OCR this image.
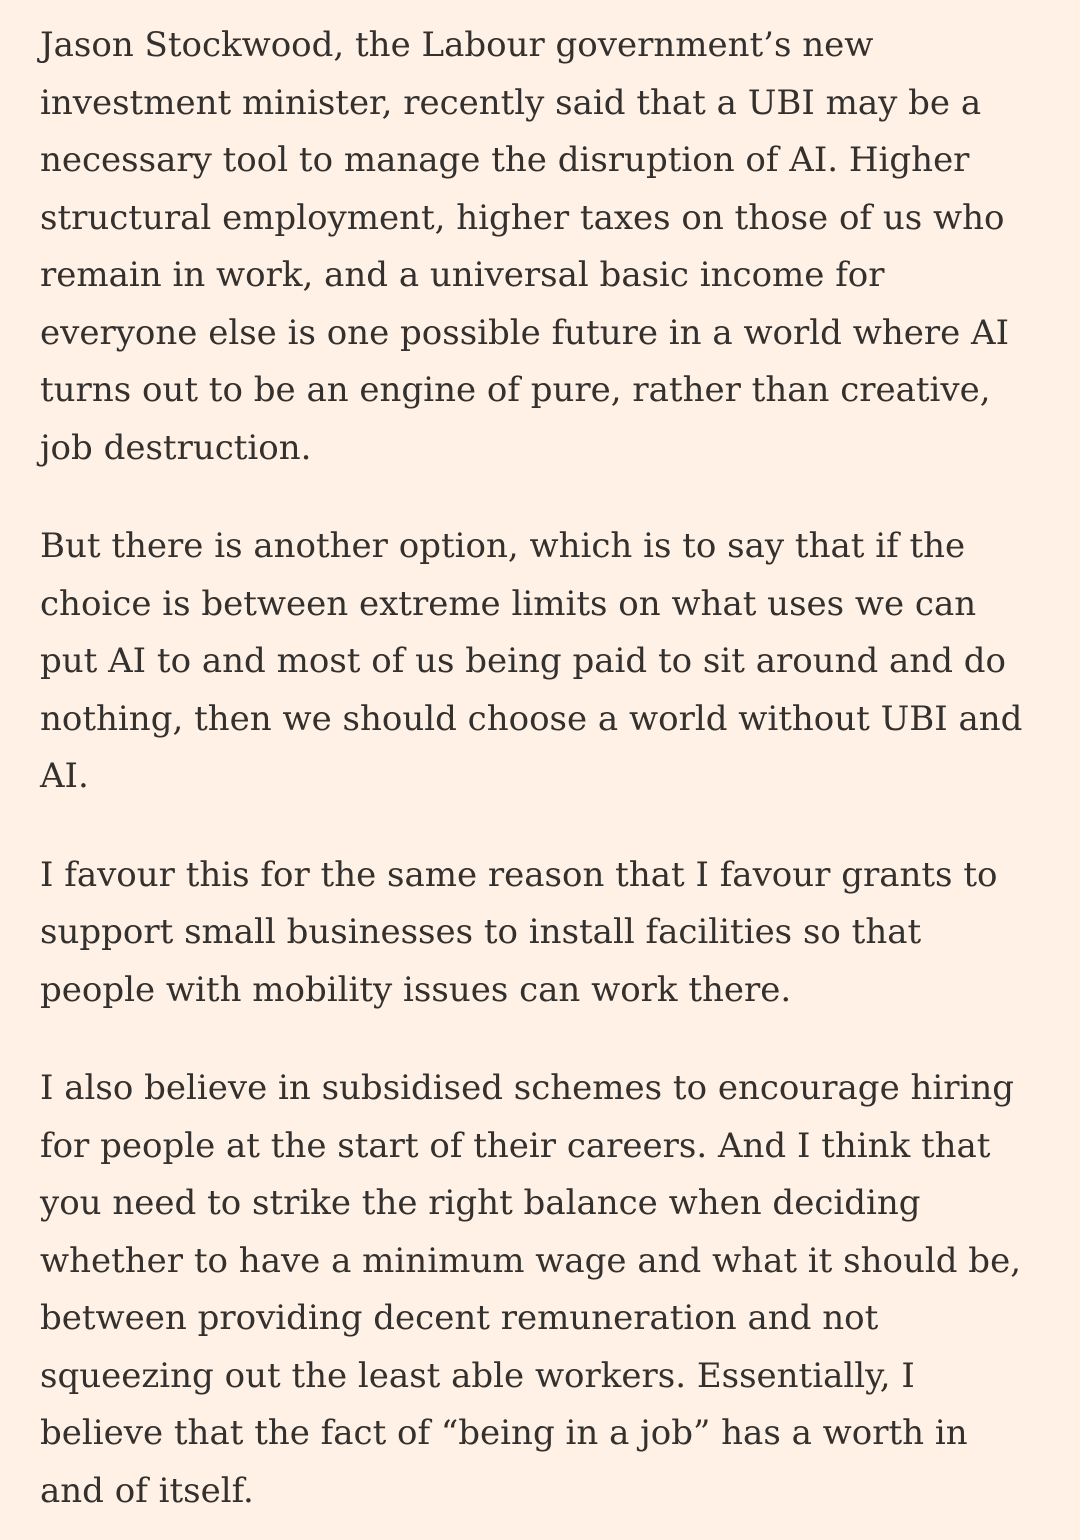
Jason Stockwood, the Labour government’s new investment minister, recently said that a UBI may be a necessary tool to manage the disruption of AI. Higher structural employment, higher taxes on those of us who remain in work, and a universal basic income for everyone else is one possible future in a world where AI turns out to be an engine of pure, rather than creative, job destruction.

But there is another option, which is to say that if the choice is between extreme limits on what uses we can put AI to and most of us being paid to sit around and do nothing, then we should choose a world without UBI and AI.

I favour this for the same reason that I favour grants to support small businesses to install facilities so that people with mobility issues can work there.

I also believe in subsidised schemes to encourage hiring for people at the start of their careers. And I think that you need to strike the right balance when deciding whether to have a minimum wage and what it should be, between providing decent remuneration and not squeezing out the least able workers. Essentially, I believe that the fact of “being in a job” has a worth in and of itself.
